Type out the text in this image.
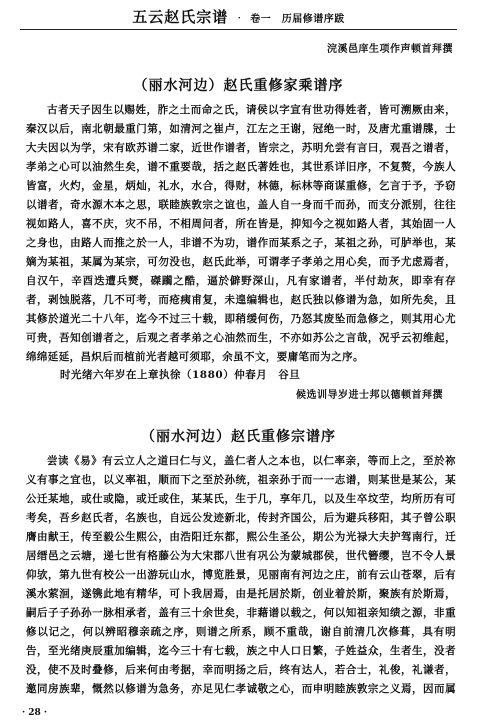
五云赵氏宗谱 · 卷一　历届修谱序跋
浣溪邑庠生项作声顿首拜撰
（丽水河边）赵氏重修家乘谱序

古者天子因生以赐姓，胙之土而命之氏，请侯以字宣有世功得姓者，皆可溯厥由来，秦汉以后，南北朝最重门第，如清河之崔卢，江左之王谢，冠绝一时，及唐尤重谱牒，士大夫因以为学，宋有欧苏谱二家，近世作谱者，皆宗之，苏明允尝有言曰，观吾之谱者，孝弟之心可以油然生矣，谱不重要哉，括之赵氏著姓也，其世系详旧序，不复赘，今族人皆富，火灼，金星，炳灿，礼水，水合，得财，林德，标林等商谋重修，乞言于予，予窃以谱者，奇水源木本之思，联睦族敦宗之谊也，盖人自一身而千而孙，而支分派别，往往视如路人，喜不庆，灾不吊，不相周问者，所在皆是，抑知今之视如路人者，其始固一人之身也，由路人而推之於一人，非谱不为功，谱作而某系之子，某祖之孙，可胪举也，某嫡为某祖，某属为某宗，可勿没也，赵氏此举，可谓孝子孝弟之用心矣，而予尤虑焉者，自汉午，辛酉迭遭兵燹，磔躏之酷，逼於僻野深山，凡有家谱者，半付劫灰，即幸有存者，剥蚀脱落，几不可考，而疮痍甫复，未遑编辑也，赵氏独以修谱为急，如所先矣，且其修於道光二十八年，迄今不过三十载，即稍缓何伤，乃怒其废坠而急修之，则其用心尤可贵，吾知创谱者之，后观之者孝弟之心油然而生，不亦如苏公之言哉，况乎云初维起，绵绵延延，昌炽后而植前光者越可须耶，余虽不文，要庸笔而为之序。

时光绪六年岁在上章执徐（1880）仲春月　谷旦
候选训导岁进士邦以德顿首拜撰
（丽水河边）赵氏重修宗谱序

尝读《易》有云立人之道曰仁与义，盖仁者人之本也，以仁率亲，等而上之，至於祢义有事之宜也，以义率祖，顺而下之至於孙统，祖亲孙于而一一志谱，则某世是某公，某公迁某地，或仕或隐，或迁或住，某某氏，生于几，享年几，以及生卒坟茔，均所历有可考矣，吾乡赵氏者，名族也，自远公发迹新北，传封齐国公，后为避兵移阳，其子曾公职膺由献王，传至毅公生熙公，由浩阳迁东都，熙公生圣公，期公为光禄大夫护驾南行，迁居缙邑之云塘，递七世有格藤公为大宋郡八世有巩公为蒙城郡侯，世代簪缨，岂不令人景仰欤，第九世有校公一出游玩山水，博览胜景，见丽南有河边之庄，前有云山苍翠，后有溪水萦洄，遂镌此地有精华，可卜我居焉，由是托居於斯，创业着於斯，聚族有於斯焉，嗣后子子孙孙一脉相承者，盖有三十余世矣，非藉谱以载之，何以知祖亲知绩之源，非重修以记之，何以辨昭穆亲疏之序，则谱之所系，顾不重哉，谢自前清几次修葺，具有明告，至光绪庚辰重加编辑，迄今三十有七载，族之中人口日繁，子姓益众，生者生，没者没，使不及时叠修，后来何由考据，幸而明扬之后，终有达人，若合士，礼俊，礼谦者，邀同房族辈，慨然以修谱为急务，亦足见仁孝诚敬之心，而申明睦族敦宗之义焉，因而属

· 28 ·
